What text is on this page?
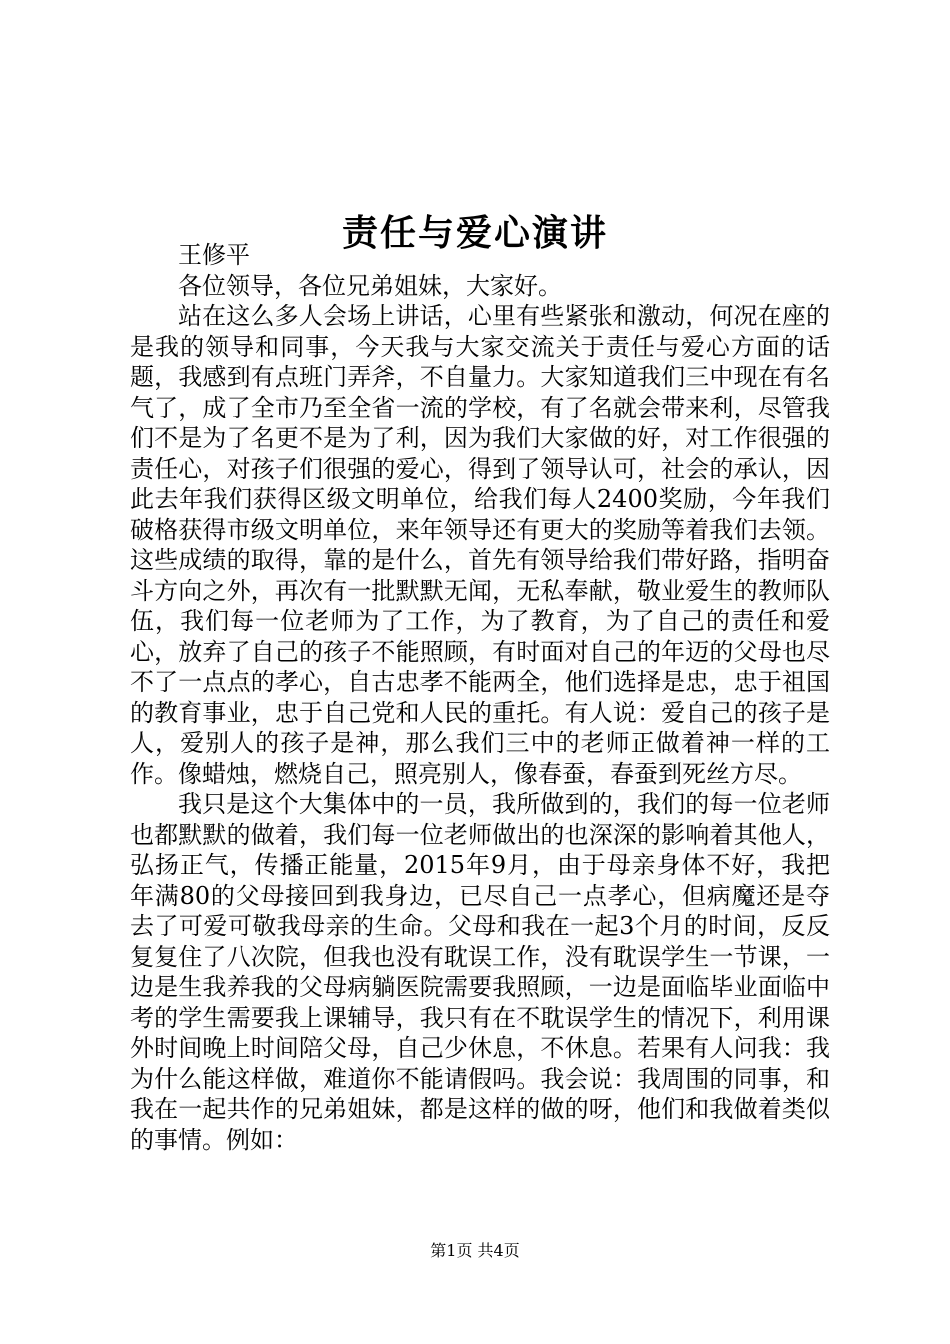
责任与爱心演讲

王修平

各位领导，各位兄弟姐妹，大家好。

站在这么多人会场上讲话，心里有些紧张和激动，何况在座的是我的领导和同事，今天我与大家交流关于责任与爱心方面的话题，我感到有点班门弄斧，不自量力。大家知道我们三中现在有名气了，成了全市乃至全省一流的学校，有了名就会带来利，尽管我们不是为了名更不是为了利，因为我们大家做的好，对工作很强的责任心，对孩子们很强的爱心，得到了领导认可，社会的承认，因此去年我们获得区级文明单位，给我们每人2400奖励，今年我们破格获得市级文明单位，来年领导还有更大的奖励等着我们去领。这些成绩的取得，靠的是什么，首先有领导给我们带好路，指明奋斗方向之外，再次有一批默默无闻，无私奉献，敬业爱生的教师队伍，我们每一位老师为了工作，为了教育，为了自己的责任和爱心，放弃了自己的孩子不能照顾，有时面对自己的年迈的父母也尽不了一点点的孝心，自古忠孝不能两全，他们选择是忠，忠于祖国的教育事业，忠于自己党和人民的重托。有人说：爱自己的孩子是人，爱别人的孩子是神，那么我们三中的老师正做着神一样的工作。像蜡烛，燃烧自己，照亮别人，像春蚕，春蚕到死丝方尽。

我只是这个大集体中的一员，我所做到的，我们的每一位老师也都默默的做着，我们每一位老师做出的也深深的影响着其他人，弘扬正气，传播正能量，2015年9月，由于母亲身体不好，我把年满80的父母接回到我身边，已尽自己一点孝心，但病魔还是夺去了可爱可敬我母亲的生命。父母和我在一起3个月的时间，反反复复住了八次院，但我也没有耽误工作，没有耽误学生一节课，一边是生我养我的父母病躺医院需要我照顾，一边是面临毕业面临中考的学生需要我上课辅导，我只有在不耽误学生的情况下，利用课外时间晚上时间陪父母，自己少休息，不休息。若果有人问我：我为什么能这样做，难道你不能请假吗。我会说：我周围的同事，和我在一起共作的兄弟姐妹，都是这样的做的呀，他们和我做着类似的事情。例如：

第1页 共4页
